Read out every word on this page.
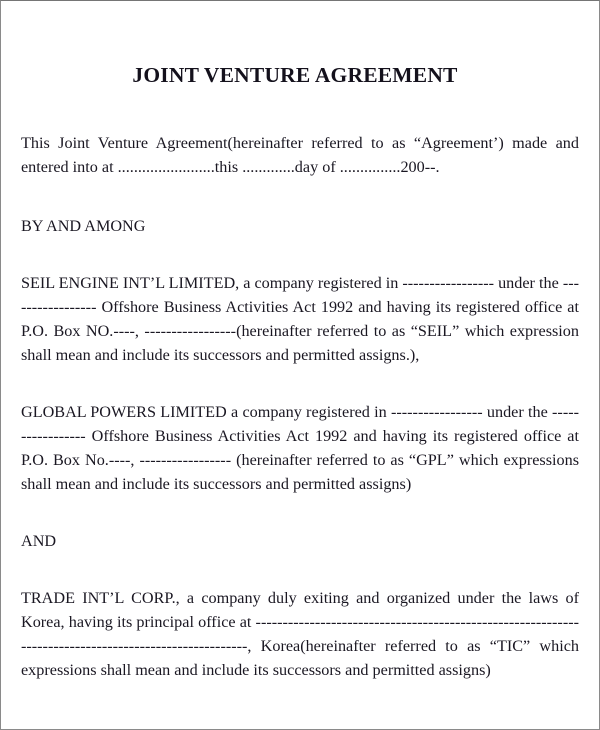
JOINT VENTURE AGREEMENT

This Joint Venture Agreement(hereinafter referred to as “Agreement’) made and entered into at ........................this .............day of ...............200--.

BY AND AMONG

SEIL ENGINE INT’L LIMITED, a company registered in ----------------- under the ----------------- Offshore Business Activities Act 1992 and having its registered office at P.O. Box NO.----, -----------------(hereinafter referred to as “SEIL” which expression shall mean and include its successors and permitted assigns.),

GLOBAL POWERS LIMITED a company registered in ----------------- under the ----------------- Offshore Business Activities Act 1992 and having its registered office at P.O. Box No.----, ----------------- (hereinafter referred to as “GPL” which expressions shall mean and include its successors and permitted assigns)

AND

TRADE INT’L CORP., a company duly exiting and organized under the laws of Korea, having its principal office at ------------------------------------------------------------------------------------------------------, Korea(hereinafter referred to as “TIC” which expressions shall mean and include its successors and permitted assigns)
